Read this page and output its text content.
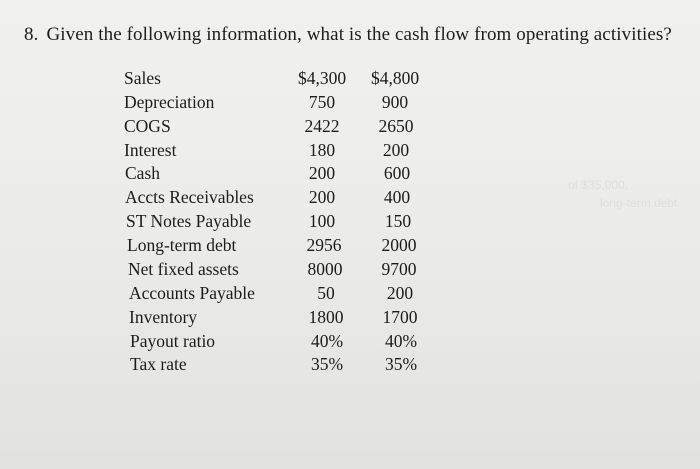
8. Given the following information, what is the cash flow from operating activities?
of $35,000,
long-term debt
Sales	$4,300	$4,800
Depreciation	750	900
COGS	2422	2650
Interest	180	200
Cash	200	600
Accts Receivables	200	400
ST Notes Payable	100	150
Long-term debt	2956	2000
Net fixed assets	8000	9700
Accounts Payable	50	200
Inventory	1800	1700
Payout ratio	40%	40%
Tax rate	35%	35%
